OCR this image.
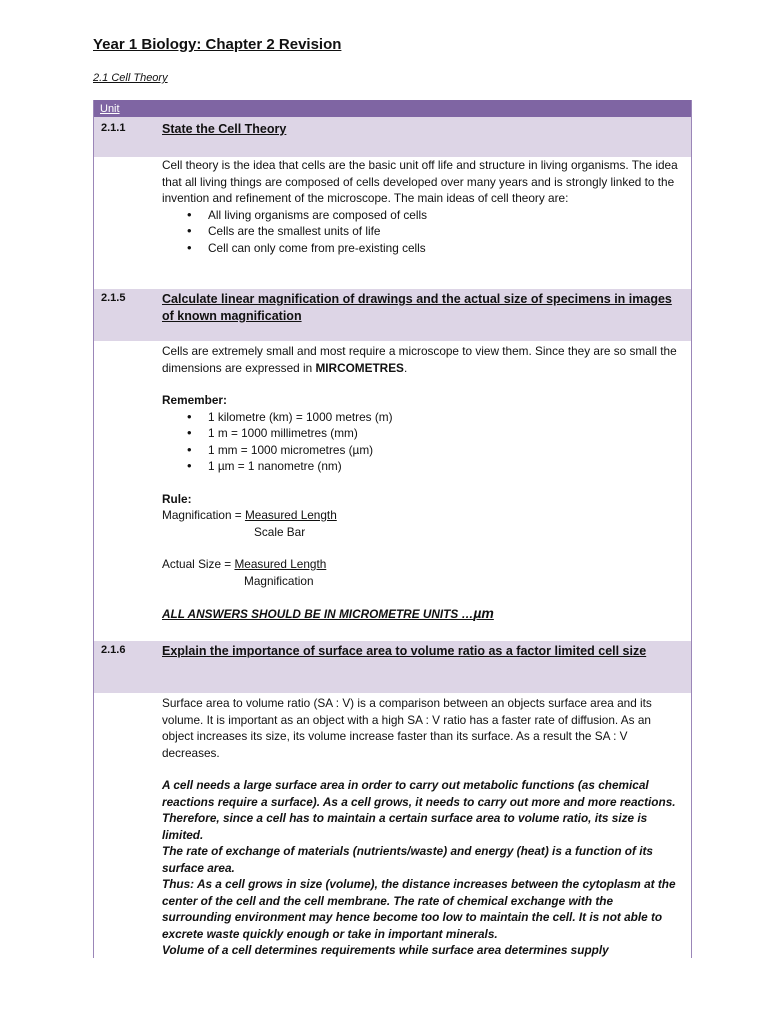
Year 1 Biology: Chapter 2 Revision
2.1 Cell Theory
Unit
2.1.1	State the Cell Theory

Cell theory is the idea that cells are the basic unit off life and structure in living organisms. The idea that all living things are composed of cells developed over many years and is strongly linked to the invention and refinement of the microscope. The main ideas of cell theory are:

• All living organisms are composed of cells
• Cells are the smallest units of life
• Cell can only come from pre-existing cells
2.1.5	Calculate linear magnification of drawings and the actual size of specimens in images of known magnification

Cells are extremely small and most require a microscope to view them. Since they are so small the dimensions are expressed in MIRCOMETRES.

Remember:

• 1 kilometre (km) = 1000 metres (m)
• 1 m = 1000 millimetres (mm)
• 1 mm = 1000 micrometres (µm)
• 1 µm = 1 nanometre (nm)

Rule:

Magnification = Measured Length

Scale Bar

Actual Size = Measured Length

Magnification

ALL ANSWERS SHOULD BE IN MICROMETRE UNITS …µm

2.1.6	Explain the importance of surface area to volume ratio as a factor limited cell size

Surface area to volume ratio (SA : V) is a comparison between an objects surface area and its volume. It is important as an object with a high SA : V ratio has a faster rate of diffusion. As an object increases its size, its volume increase faster than its surface. As a result the SA : V decreases.

A cell needs a large surface area in order to carry out metabolic functions (as chemical reactions require a surface). As a cell grows, it needs to carry out more and more reactions. Therefore, since a cell has to maintain a certain surface area to volume ratio, its size is limited.

The rate of exchange of materials (nutrients/waste) and energy (heat) is a function of its surface area.

Thus: As a cell grows in size (volume), the distance increases between the cytoplasm at the center of the cell and the cell membrane. The rate of chemical exchange with the surrounding environment may hence become too low to maintain the cell. It is not able to excrete waste quickly enough or take in important minerals.

Volume of a cell determines requirements while surface area determines supply
